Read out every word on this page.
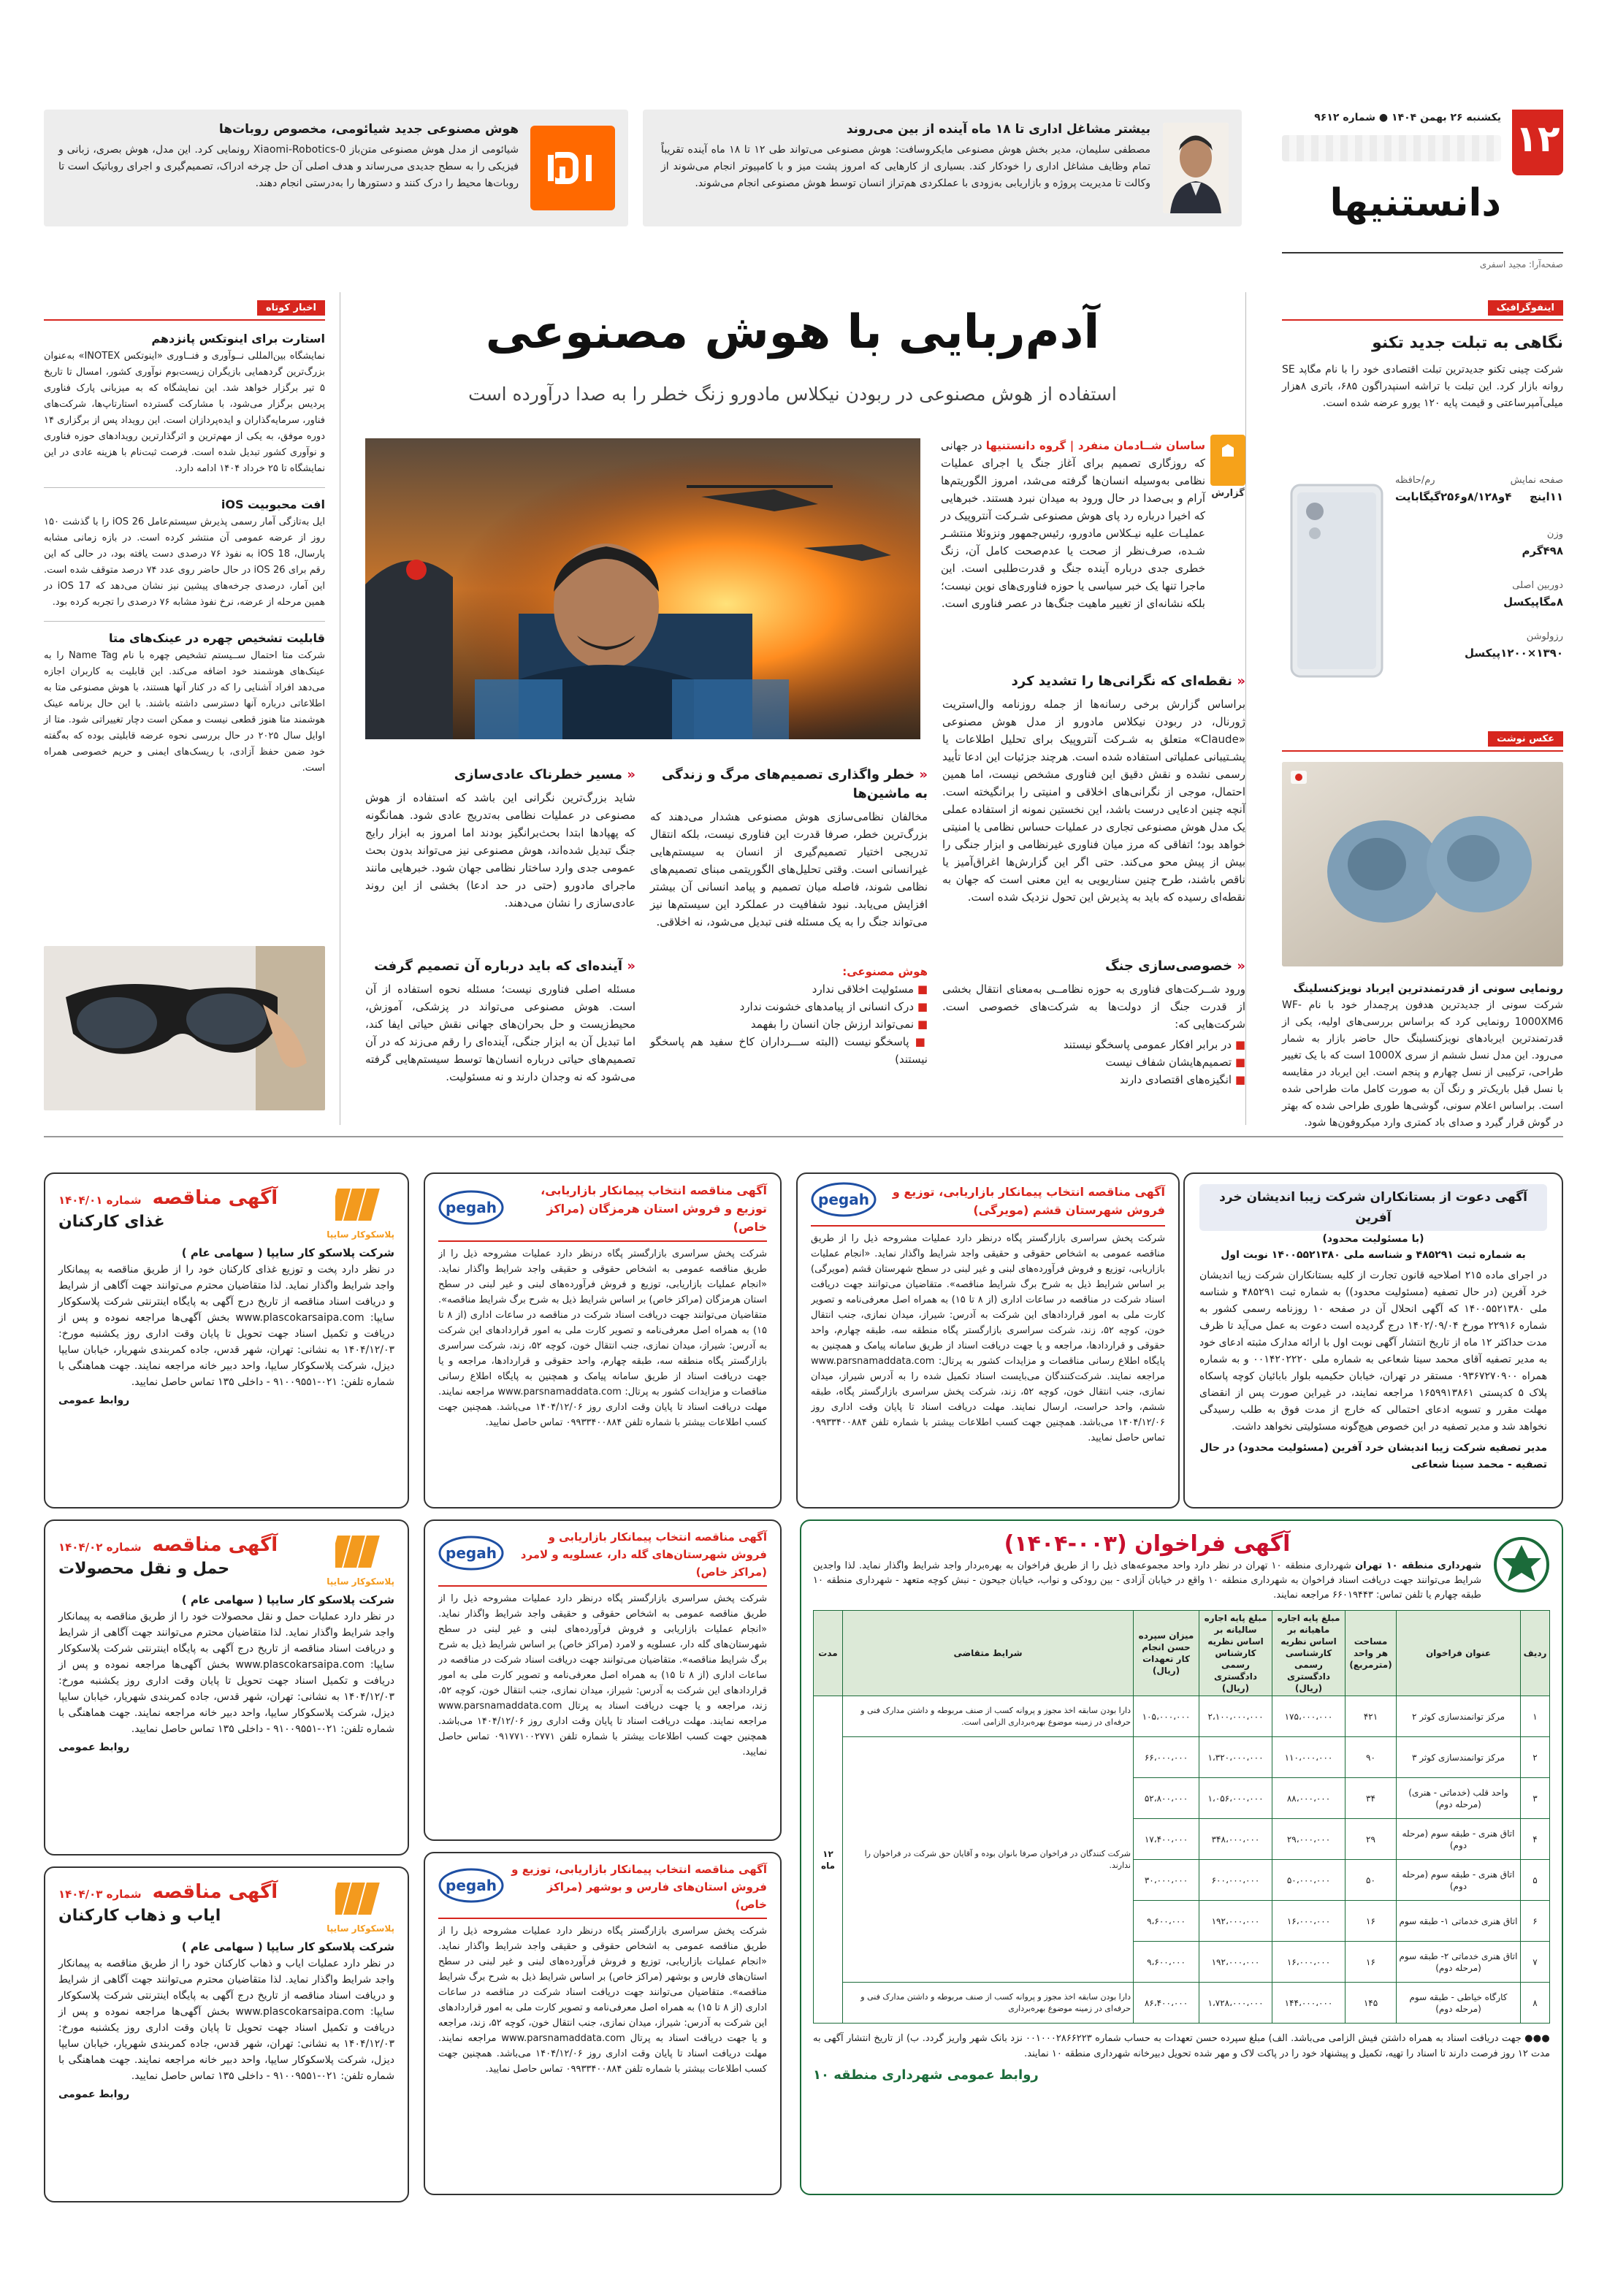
۱۲
یکشنبه ۲۶ بهمن ۱۴۰۴ ● شماره ۹۶۱۲
دانستنیها
صفحه‌آرا: مجید اسفری
بیشتر مشاغل اداری تا ۱۸ ماه آینده از بین می‌روند
مصطفی سلیمان، مدیر بخش هوش مصنوعی مایکروسافت: هوش مصنوعی می‌تواند طی ۱۲ تا ۱۸ ماه آینده تقریباً تمام وظایف مشاغل اداری را خودکار کند. بسیاری از کارهایی که امروز پشت میز و با کامپیوتر انجام می‌شوند از وکالت تا مدیریت پروژه و بازاریابی به‌زودی با عملکردی هم‌تراز انسان توسط هوش مصنوعی انجام می‌شوند.
هوش مصنوعی جدید شیائومی، مخصوص روبات‌ها
شیائومی از مدل هوش مصنوعی متن‌باز Xiaomi-Robotics-0 رونمایی کرد. این مدل، هوش بصری، زبانی و فیزیکی را به سطح جدیدی می‌رساند و هدف اصلی آن حل چرخه ادراک، تصمیم‌گیری و اجرای روباتیک است تا روبات‌ها محیط را درک کنند و دستورها را به‌درستی انجام دهند.
اینفوگرافیک
نگاهی به تبلت جدید تکنو
شرکت چینی تکنو جدیدترین تبلت اقتصادی خود را با نام مگاپد SE روانه بازار کرد. این تبلت با تراشه اسنپدراگون ۶۸۵، باتری ۸هزار میلی‌آمپرساعتی و قیمت پایه ۱۲۰ یورو عرضه شده است.
صفحه نمایش
رم/حافظه
۱۱اینچ
۴و۸/۱۲۸و۲۵۶گیگابایت
وزن
۴۹۸گرم
دوربین اصلی
۸مگاپیکسل
رزولوشن
۱۳۹۰×۱۲۰۰پیکسل
عکس نوشت
رونمایی سونی از قدرتمندترین ایرباد نویزکنسلینگ
شرکت سونی از جدیدترین هدفون پرچمدار خود با نام WF-1000XM6 رونمایی کرد که براساس بررسی‌های اولیه، یکی از قدرتمندترین ایربادهای نویزکنسلینگ حال حاضر بازار به شمار می‌رود. این مدل نسل ششم از سری 1000X است که با یک تغییر طراحی، ترکیبی از نسل چهارم و پنجم است. این ایرباد در مقایسه با نسل قبل باریک‌تر و رنگ آن به صورت کامل مات طراحی شده است. براساس اعلام سونی، گوشی‌ها طوری طراحی شده که بهتر در گوش قرار گیرد و صدای باد کمتری وارد میکروفون‌ها شود.
آدم‌ربایی با هوش مصنوعی
استفاده از هوش مصنوعی در ربودن نیکلاس مادورو زنگ خطر را به صدا درآورده است
گزارش
ساسان شــادمان منفرد | گروه دانستنیها در جهانی که روز‌گاری تصمیم برای آغاز جنگ یا اجرای عملیات نظامی به‌وسیله انسان‌ها گرفته می‌شد، امروز الگوریتم‌ها آرام و بی‌صدا در حال ورود به میدان نبرد هستند. خبرهایی که اخیرا درباره رد پای هوش مصنوعی شـرکت آنتروپیک در عملیـات علیه نیـکلاس مادورو، رئیس‌جمهور ونزوئلا منتشـر شـده، صرف‌نظر از صحت یا عدم‌صحت کامل آن، زنگ خطری جدی درباره آینده جنگ و قدرت‌طلبی است. این ماجرا تنها یک خبر سیاسی یا حوزه فناوری‌های نوین نیست؛ بلکه نشانه‌ای از تغییر ماهیت جنگ‌ها در عصر فناوری است.
« نقطه‌ای که نگرانی‌ها را تشدید کرد
براساس گزارش برخی رسانه‌ها از جمله روزنامه وال‌استریت ژورنال، در ربودن نیکلاس مادورو از مدل هوش مصنوعی «Claude» متعلق به شـرکت آنتروپیک برای تحلیل اطلاعات یا پشـتیبانی عملیاتی استفاده شده است. هرچند جزئیات این ادعا تأیید رسمی نشده و نقش دقیق این فناوری مشخص نیست، اما همین احتمال، موجی از نگرانی‌های اخلاقی و امنیتی را برانگیخته است. آنچه چنین ادعایی درست باشد، این نخستین نمونه از استفاده عملی یک مدل هوش مصنوعی تجاری در عملیات حساس نظامی یا امنیتی خواهد بود؛ اتفاقی که مرز میان فناوری غیرنظامی و ابزار جنگی را بیش از پیش محو می‌کند. حتی اگر این گزارش‌ها اغراق‌آمیز یا ناقص باشند، طرح چنین سناریویی به این معنی است که جهان به نقطه‌ای رسیده که باید به پذیرش این تحول نزدیک شده است.
« خطر واگذاری تصمیم‌های مرگ و زندگی به ماشین‌ها
مخالفان نظامی‌سازی هوش مصنوعی هشدار می‌دهند که بزرگ‌ترین خطر، صرفا قدرت این فناوری نیست، بلکه انتقال تدریجی اختیار تصمیم‌گیری از انسان به سیستم‌هایی غیرانسانی است. وقتی تحلیل‌های الگوریتمی مبنای تصمیم‌های نظامی شوند، فاصله میان تصمیم و پیامد انسانی آن بیشتر افزایش می‌یابد. نبود شفافیت در عملکرد این سیستم‌ها نیز می‌تواند جنگ را به یک مسئله فنی تبدیل می‌شود، نه اخلاقی.
« مسیر خطرناک عادی‌سازی
شاید بزرگ‌ترین نگرانی این باشد که استفاده از هوش مصنوعی در عملیات نظامی به‌تدریج عادی شود. همانگونه که پهپادها ابتدا بحث‌برانگیز بودند اما امروز به ابزار رایج جنگ تبدیل شده‌اند، هوش مصنوعی نیز می‌تواند بدون بحث عمومی جدی وارد ساختار نظامی جهان شود. خبرهایی مانند ماجرای مادورو (حتی در حد ادعا) بخشی از این روند عادی‌سازی را نشان می‌دهند.
« خصوصی‌سازی جنگ
ورود شــرکت‌های فناوری به حوزه نظامــی به‌معنای انتقال بخشی از قدرت جنگ از دولت‌ها به شرکت‌های خصوصی است. شرکت‌هایی که:
■ در برابر افکار عمومی پاسخگو نیستند
■ تصمیم‌هایشان شفاف نیست
■ انگیزه‌های اقتصادی دارند
هوش مصنوعی:
■ مسئولیت اخلاقی ندارد
■ درک انسانی از پیامدهای خشونت ندارد
■ نمی‌تواند ارزش جان انسان را بفهمد
■ پاسخگو نیست (البته ســـرداران کاخ سفید هم پاسخگو نیستند)
« آینده‌ای که باید درباره آن تصمیم گرفت
مسئله اصلی فناوری نیست؛ مسئله نحوه استفاده از آن است. هوش مصنوعی می‌تواند در پزشکی، آموزش، محیط‌زیست و حل بحران‌های جهانی نقش حیاتی ایفا کند، اما تبدیل آن به ابزار جنگی، آینده‌ای را رقم می‌زند که در آن تصمیم‌های حیاتی درباره انسان‌ها توسط سیستم‌هایی گرفته می‌شود که نه وجدان دارند و نه مسئولیت.
اخبار کوتاه
استارت برای اینوتکس پانزدهم
نمایشگاه بین‌المللی نــوآوری و فنــاوری «اینوتکس INOTEX» به‌عنوان بزرگ‌ترین گردهمایی بازیگران زیست‌بوم نوآوری کشور، امسال تا تاریخ ۵ تیر برگزار خواهد شد. این نمایشگاه که به میزبانی پارک فناوری پردیس برگزار می‌شود، با مشارکت گسترده استارتاپ‌ها، شرکت‌های فناور، سرمایه‌گذاران و ایده‌پردازان است. این رویداد پس از برگزاری ۱۴ دوره موفق، به یکی از مهم‌ترین و اثرگذارترین رویدادهای حوزه فناوری و نوآوری کشور تبدیل شده است. فرصت ثبت‌نام با هزینه عادی در این نمایشگاه تا ۲۵ خرداد ۱۴۰۴ ادامه دارد.
افت محبوبیت iOS
ایل به‌تازگی آمار رسمی پذیرش سیستم‌عامل iOS 26 را با گذشت ۱۵۰ روز از عرضه عمومی آن منتشر کرده است. در بازه زمانی مشابه پارسال، iOS 18 به نفوذ ۷۶ درصدی دست یافته بود، در حالی که این رقم برای iOS 26 در حال حاضر روی عدد ۷۴ درصد متوقف شده است. این آمار، درصدی جرخه‌های پیشین نیز نشان می‌دهد که iOS 17 در همین مرحله از عرضه، نرخ نفوذ مشابه ۷۶ درصدی را تجربه کرده بود.
قابلیت تشخیص چهره در عینک‌های متا
شرکت متا احتمال ســیستم تشخیص چهره با نام Name Tag را به عینک‌های هوشمند خود اضافه می‌کند. این قابلیت به کاربران اجازه می‌دهد افراد آشنایی را که در کنار آنها هستند، با هوش مصنوعی متا به اطلاعاتی درباره آنها دسترسی داشته باشند. با این حال برنامه عینک هوشمند متا هنوز قطعی نیست و ممکن است دچار تغییراتی شود. متا از اوایل سال ۲۰۲۵ در حال بررسی نحوه عرضه قابلیتی بوده که به‌گفته خود ضمن حفظ آزادی، با ریسک‌های ایمنی و حریم خصوصی همراه است.
آگهی دعوت از بستانکاران شرکت زیبا اندیشان خرد آفرین
(با مسئولیت محدود)
به شماره ثبت ۴۸۵۲۹۱ و شناسه ملی ۱۴۰۰۵۵۲۱۳۸۰ نوبت اول
در اجرای ماده ۲۱۵ اصلاحیه قانون تجارت از کلیه بستانکاران شرکت زیبا اندیشان خرد آفرین (در حال تصفیه (مسئولیت محدود)) به شماره ثبت ۴۸۵۲۹۱ و شناسه ملی ۱۴۰۰۵۵۲۱۳۸۰ که آگهی انحلال آن در صفحه ۱۰ روزنامه رسمی کشور به شماره ۲۲۹۱۶ مورخ ۱۴۰۲/۰۹/۰۴ درج گردیده است دعوت به عمل می‌آید تا ظرف مدت حداکثر ۱۲ ماه از تاریخ انتشار آگهی نوبت اول با ارائه مدارک مثبته ادعای خود به مدیر تصفیه آقای محمد سینا شعاعی به شماره ملی ۰۰۱۴۲۰۲۲۲۰ و به شماره همراه ۰۹۳۶۷۲۷۰۹۰۰ مستقر در تهران، خیابان حکیمیه بلوار بابائیان کوچه پاسکاه پلاک ۵ کدپستی ۱۶۵۹۹۱۳۸۶۱ مراجعه نمایند، در غیراین صورت پس از انقضای مهلت مقرر و تسویه ادعای احتمالی که خارج از مدت فوق به طلب رسیدگی نخواهد شد و مدیر تصفیه در این خصوص هیچ‌گونه مسئولیتی نخواهد داشت.
مدیر تصفیه شرکت زیبا اندیشان خرد آفرین (مسئولیت محدود) در حال تصفیه - محمد سینا شعاعی
آگهی مناقصه انتخاب پیمانکار بازاریابی، توزیع و فروش شهرستان قشم (مویرگی)
pegah
شرکت پخش سراسری بازارگستر پگاه درنظر دارد عملیات مشروحه ذیل را از طریق مناقصه عمومی به اشخاص حقوقی و حقیقی واجد شرایط واگذار نماید. «انجام عملیات بازاریابی، توزیع و فروش فرآورده‌های لبنی و غیر لبنی در سطح شهرستان قشم (مویرگی) بر اساس شرایط ذیل به شرح برگ شرایط مناقصه». متقاضیان می‌توانند جهت دریافت اسناد شرکت در مناقصه در ساعات اداری (از ۸ تا ۱۵) به همراه اصل معرفی‌نامه و تصویر کارت ملی به امور قراردادهای این شرکت به آدرس: شیراز، میدان نمازی، جنب انتقال خون، کوچه ۵۲، زند، شرکت سراسری بازارگستر پگاه منطقه سه، طبقه چهارم، واحد حقوقی و قراردادها، مراجعه و یا جهت دریافت اسناد از طریق سامانه پیامک و همچنین به پایگاه اطلاع رسانی مناقصات و مزایدات کشور به پرتال: www.parsnamaddata.com مراجعه نمایند. شرکت‌کنندگان می‌بایست اسناد تکمیل شده را به آدرس شیراز، میدان نمازی، جنب انتقال خون، کوچه ۵۲، زند، شرکت پخش سراسری بازارگستر پگاه، طبقه ششم، واحد حراست، ارسال نمایند. مهلت دریافت اسناد تا پایان وقت اداری روز ۱۴۰۴/۱۲/۰۶ می‌باشد. همچنین جهت کسب اطلاعات بیشتر با شماره تلفن ۰۹۹۳۳۴۰۰۸۸۴ تماس حاصل نمایید.
آگهی مناقصه انتخاب پیمانکار بازاریابی، توزیع و فروش استان هرمزگان (مراکز خاص)
pegah
شرکت پخش سراسری بازارگستر پگاه درنظر دارد عملیات مشروحه ذیل را از طریق مناقصه عمومی به اشخاص حقوقی و حقیقی واجد شرایط واگذار نماید. «انجام عملیات بازاریابی، توزیع و فروش فرآورده‌های لبنی و غیر لبنی در سطح استان هرمزگان (مراکز خاص) بر اساس شرایط ذیل به شرح برگ شرایط مناقصه». متقاضیان می‌توانند جهت دریافت اسناد شرکت در مناقصه در ساعات اداری (از ۸ تا ۱۵) به همراه اصل معرفی‌نامه و تصویر کارت ملی به امور قراردادهای این شرکت به آدرس: شیراز، میدان نمازی، جنب انتقال خون، کوچه ۵۲، زند، شرکت سراسری بازارگستر پگاه منطقه سه، طبقه چهارم، واحد حقوقی و قراردادها، مراجعه و یا جهت دریافت اسناد از طریق سامانه پیامک و همچنین به پایگاه اطلاع رسانی مناقصات و مزایدات کشور به پرتال: www.parsnamaddata.com مراجعه نمایند. مهلت دریافت اسناد تا پایان وقت اداری روز ۱۴۰۴/۱۲/۰۶ می‌باشد. همچنین جهت کسب اطلاعات بیشتر با شماره تلفن ۰۹۹۳۳۴۰۰۸۸۴ تماس حاصل نمایید.
آگهی مناقصه انتخاب پیمانکار بازاریابی و فروش شهرستان‌های گله دار، عسلویه و لامرد (مراکز خاص)
pegah
شرکت پخش سراسری بازارگستر پگاه درنظر دارد عملیات مشروحه ذیل را از طریق مناقصه عمومی به اشخاص حقوقی و حقیقی واجد شرایط واگذار نماید. «انجام عملیات بازاریابی و فروش فرآورده‌های لبنی و غیر لبنی در سطح شهرستان‌های گله دار، عسلویه و لامرد (مراکز خاص) بر اساس شرایط ذیل به شرح برگ شرایط مناقصه». متقاضیان می‌توانند جهت دریافت اسناد شرکت در مناقصه در ساعات اداری (از ۸ تا ۱۵) به همراه اصل معرفی‌نامه و تصویر کارت ملی به امور قراردادهای این شرکت به آدرس: شیراز، میدان نمازی، جنب انتقال خون، کوچه ۵۲، زند، مراجعه و یا جهت دریافت اسناد به پرتال www.parsnamaddata.com مراجعه نمایند. مهلت دریافت اسناد تا پایان وقت اداری روز ۱۴۰۴/۱۲/۰۶ می‌باشد. همچنین جهت کسب اطلاعات بیشتر با شماره تلفن ۰۹۱۷۷۱۰۰۲۷۷۱ تماس حاصل نمایید.
آگهی مناقصه انتخاب پیمانکار بازاریابی، توزیع و فروش استان‌های فارس و بوشهر (مراکز خاص)
pegah
شرکت پخش سراسری بازارگستر پگاه درنظر دارد عملیات مشروحه ذیل را از طریق مناقصه عمومی به اشخاص حقوقی و حقیقی واجد شرایط واگذار نماید. «انجام عملیات بازاریابی، توزیع و فروش فرآورده‌های لبنی و غیر لبنی در سطح استان‌های فارس و بوشهر (مراکز خاص) بر اساس شرایط ذیل به شرح برگ شرایط مناقصه». متقاضیان می‌توانند جهت دریافت اسناد شرکت در مناقصه در ساعات اداری (از ۸ تا ۱۵) به همراه اصل معرفی‌نامه و تصویر کارت ملی به امور قراردادهای این شرکت به آدرس: شیراز، میدان نمازی، جنب انتقال خون، کوچه ۵۲، زند، مراجعه و یا جهت دریافت اسناد به پرتال www.parsnamaddata.com مراجعه نمایند. مهلت دریافت اسناد تا پایان وقت اداری روز ۱۴۰۴/۱۲/۰۶ می‌باشد. همچنین جهت کسب اطلاعات بیشتر با شماره تلفن ۰۹۹۳۳۴۰۰۸۸۴ تماس حاصل نمایید.
پلاسکوکار سایپا
آگهی مناقصه شماره ۱۴۰۴/۰۱
غذای کارکنان
شرکت پلاسکو کار سایپا ( سهامی عام )
در نظر دارد پخت و توزیع غذای کارکنان خود را از طریق مناقصه به پیمانکار واجد شرایط واگذار نماید. لذا متقاضیان محترم می‌توانند جهت آگاهی از شرایط و دریافت اسناد مناقصه از تاریخ درج آگهی به پایگاه اینترنتی شرکت پلاسکوکار سایپا: www.plascokarsaipa.com بخش آگهی‌ها مراجعه نموده و پس از دریافت و تکمیل اسناد جهت تحویل تا پایان وقت اداری روز یکشنبه مورخ: ۱۴۰۴/۱۲/۰۳ به نشانی: تهران، شهر قدس، جاده کمربندی شهریار، خیابان سایپا دیزل، شرکت پلاسکوکار سایپا، واحد دبیر خانه مراجعه نمایند. جهت هماهنگی با شماره تلفن: ۰۲۱-۹۱۰۰۹۵۵۱ - داخلی ۱۳۵ تماس حاصل نمایید.
روابط عمومی
پلاسکوکار سایپا
آگهی مناقصه شماره ۱۴۰۴/۰۲
حمل و نقل محصولات
شرکت پلاسکو کار سایپا ( سهامی عام )
در نظر دارد عملیات حمل و نقل محصولات خود را از طریق مناقصه به پیمانکار واجد شرایط واگذار نماید. لذا متقاضیان محترم می‌توانند جهت آگاهی از شرایط و دریافت اسناد مناقصه از تاریخ درج آگهی به پایگاه اینترنتی شرکت پلاسکوکار سایپا: www.plascokarsaipa.com بخش آگهی‌ها مراجعه نموده و پس از دریافت و تکمیل اسناد جهت تحویل تا پایان وقت اداری روز یکشنبه مورخ: ۱۴۰۴/۱۲/۰۳ به نشانی: تهران، شهر قدس، جاده کمربندی شهریار، خیابان سایپا دیزل، شرکت پلاسکوکار سایپا، واحد دبیر خانه مراجعه نمایند. جهت هماهنگی با شماره تلفن: ۰۲۱-۹۱۰۰۹۵۵۱ - داخلی ۱۳۵ تماس حاصل نمایید.
روابط عمومی
پلاسکوکار سایپا
آگهی مناقصه شماره ۱۴۰۴/۰۳
ایاب و ذهاب کارکنان
شرکت پلاسکو کار سایپا ( سهامی عام )
در نظر دارد عملیات ایاب و ذهاب کارکنان خود را از طریق مناقصه به پیمانکار واجد شرایط واگذار نماید. لذا متقاضیان محترم می‌توانند جهت آگاهی از شرایط و دریافت اسناد مناقصه از تاریخ درج آگهی به پایگاه اینترنتی شرکت پلاسکوکار سایپا: www.plascokarsaipa.com بخش آگهی‌ها مراجعه نموده و پس از دریافت و تکمیل اسناد جهت تحویل تا پایان وقت اداری روز یکشنبه مورخ: ۱۴۰۴/۱۲/۰۳ به نشانی: تهران، شهر قدس، جاده کمربندی شهریار، خیابان سایپا دیزل، شرکت پلاسکوکار سایپا، واحد دبیر خانه مراجعه نمایند. جهت هماهنگی با شماره تلفن: ۰۲۱-۹۱۰۰۹۵۵۱ - داخلی ۱۳۵ تماس حاصل نمایید.
روابط عمومی
آگهی فراخوان (۰۰۳-۱۴۰۴)
شهرداری منطقه ۱۰ تهران شهرداری منطقه ۱۰ تهران در نظر دارد واحد مجموعه‌های ذیل را از طریق فراخوان به بهره‌بردار واجد شرایط واگذار نماید. لذا واجدین شرایط می‌توانند جهت دریافت اسناد فراخوان به شهرداری منطقه ۱۰ واقع در خیابان آزادی - بین رودکی و نواب، خیابان جیحون - نبش کوچه متعهد - شهرداری منطقه ۱۰ طبقه چهارم یا تلفن تماس: ۶۶۰۱۹۴۴۳ مراجعه نمایند.
ردیف	عنوان فراخوان	مساحت هر واحد (مترمربع)	مبلغ پایه اجاره ماهیانه بر اساس نظریه کارشناسی رسمی دادگستری (ریال)	مبلغ پایه اجاره سالیانه بر اساس نظریه کارشناس رسمی دادگستری (ریال)	میزان سپرده حسن انجام کار تعهدات (ریال)	شرایط متقاضی	مدت
۱	مرکز توانمندسازی کوثر ۲	۴۲۱	۱۷۵،۰۰۰،۰۰۰	۲،۱۰۰،۰۰۰،۰۰۰	۱۰۵،۰۰۰،۰۰۰	دارا بودن سابقه اخذ مجوز و پروانه کسب از صنف مربوطه و داشتن مدارک فنی و حرفه‌ای در زمینه موضوع بهره‌برداری الزامی است.	۱۲ ماه
۲	مرکز توانمندسازی کوثر ۳	۹۰	۱۱۰،۰۰۰،۰۰۰	۱،۳۲۰،۰۰۰،۰۰۰	۶۶،۰۰۰،۰۰۰	شرکت کنندگان در فراخوان صرفا بانوان بوده و آقایان حق شرکت در فراخوان را ندارند.	
۳	واحد قلب (خدماتی - هنری) (مرحله دوم)	۳۴	۸۸،۰۰۰،۰۰۰	۱،۰۵۶،۰۰۰،۰۰۰	۵۲،۸۰۰،۰۰۰		
۴	اتاق هنری - طبقه سوم (مرحله دوم)	۲۹	۲۹،۰۰۰،۰۰۰	۳۴۸،۰۰۰،۰۰۰	۱۷،۴۰۰،۰۰۰		
۵	اتاق هنری - طبقه سوم (مرحله دوم)	۵۰	۵۰،۰۰۰،۰۰۰	۶۰۰،۰۰۰،۰۰۰	۳۰،۰۰۰،۰۰۰		
۶	اتاق هنری خدماتی ۱- طبقه سوم	۱۶	۱۶،۰۰۰،۰۰۰	۱۹۲،۰۰۰،۰۰۰	۹،۶۰۰،۰۰۰		
۷	اتاق هنری خدماتی ۲- طبقه سوم (مرحله دوم)	۱۶	۱۶،۰۰۰،۰۰۰	۱۹۲،۰۰۰،۰۰۰	۹،۶۰۰،۰۰۰		
۸	کارگاه خیاطی - طبقه سوم (مرحله دوم)	۱۴۵	۱۴۴،۰۰۰،۰۰۰	۱،۷۲۸،۰۰۰،۰۰۰	۸۶،۴۰۰،۰۰۰	دارا بودن سابقه اخذ مجوز و پروانه کسب از صنف مربوطه و داشتن مدارک فنی و حرفه‌ای در زمینه موضوع بهره‌برداری	
●●● جهت دریافت اسناد به همراه داشتن فیش الزامی می‌باشد. الف) مبلغ سپرده حسن تعهدات به حساب شماره ۰۰۱۰۰۰۲۸۶۶۲۲۳ نزد بانک شهر واریز گردد. ب) از تاریخ انتشار آگهی به مدت ۱۲ روز فرصت دارند تا اسناد را تهیه، تکمیل و پیشنهاد خود را در پاکت لاک و مهر شده تحویل دبیرخانه شهرداری منطقه ۱۰ نمایند.
روابط عمومی شهرداری منطقه ۱۰
